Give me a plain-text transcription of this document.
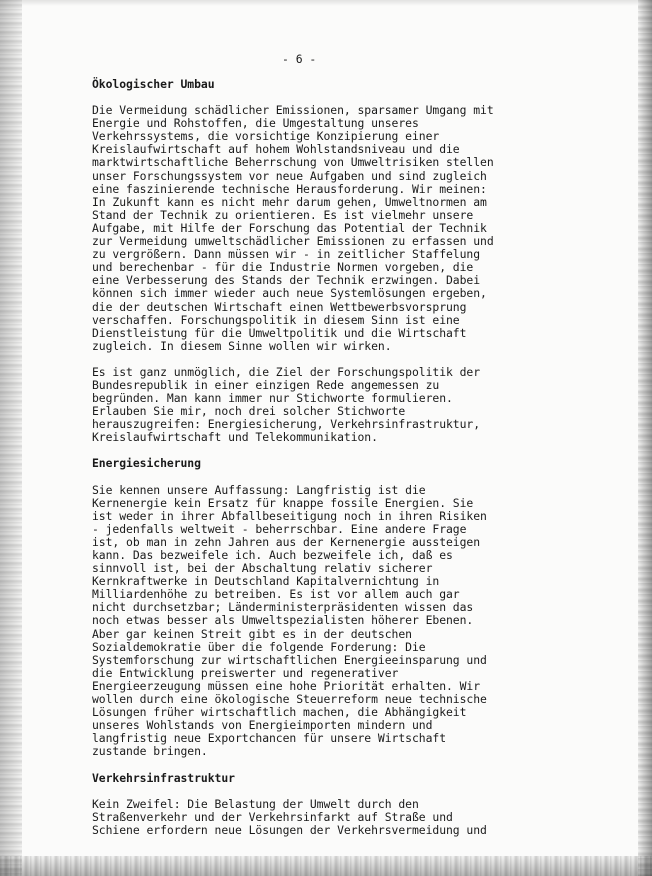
- 6 -
Ökologischer Umbau
Die Vermeidung schädlicher Emissionen, sparsamer Umgang mit
Energie und Rohstoffen, die Umgestaltung unseres
Verkehrssystems, die vorsichtige Konzipierung einer
Kreislaufwirtschaft auf hohem Wohlstandsniveau und die
marktwirtschaftliche Beherrschung von Umweltrisiken stellen
unser Forschungssystem vor neue Aufgaben und sind zugleich
eine faszinierende technische Herausforderung. Wir meinen:
In Zukunft kann es nicht mehr darum gehen, Umweltnormen am
Stand der Technik zu orientieren. Es ist vielmehr unsere
Aufgabe, mit Hilfe der Forschung das Potential der Technik
zur Vermeidung umweltschädlicher Emissionen zu erfassen und
zu vergrößern. Dann müssen wir - in zeitlicher Staffelung
und berechenbar - für die Industrie Normen vorgeben, die
eine Verbesserung des Stands der Technik erzwingen. Dabei
können sich immer wieder auch neue Systemlösungen ergeben,
die der deutschen Wirtschaft einen Wettbewerbsvorsprung
verschaffen. Forschungspolitik in diesem Sinn ist eine
Dienstleistung für die Umweltpolitik und die Wirtschaft
zugleich. In diesem Sinne wollen wir wirken.
Es ist ganz unmöglich, die Ziel der Forschungspolitik der
Bundesrepublik in einer einzigen Rede angemessen zu
begründen. Man kann immer nur Stichworte formulieren.
Erlauben Sie mir, noch drei solcher Stichworte
herauszugreifen: Energiesicherung, Verkehrsinfrastruktur,
Kreislaufwirtschaft und Telekommunikation.
Energiesicherung
Sie kennen unsere Auffassung: Langfristig ist die
Kernenergie kein Ersatz für knappe fossile Energien. Sie
ist weder in ihrer Abfallbeseitigung noch in ihren Risiken
- jedenfalls weltweit - beherrschbar. Eine andere Frage
ist, ob man in zehn Jahren aus der Kernenergie aussteigen
kann. Das bezweifele ich. Auch bezweifele ich, daß es
sinnvoll ist, bei der Abschaltung relativ sicherer
Kernkraftwerke in Deutschland Kapitalvernichtung in
Milliardenhöhe zu betreiben. Es ist vor allem auch gar
nicht durchsetzbar; Länderministerpräsidenten wissen das
noch etwas besser als Umweltspezialisten höherer Ebenen.
Aber gar keinen Streit gibt es in der deutschen
Sozialdemokratie über die folgende Forderung: Die
Systemforschung zur wirtschaftlichen Energieeinsparung und
die Entwicklung preiswerter und regenerativer
Energieerzeugung müssen eine hohe Priorität erhalten. Wir
wollen durch eine ökologische Steuerreform neue technische
Lösungen früher wirtschaftlich machen, die Abhängigkeit
unseres Wohlstands von Energieimporten mindern und
langfristig neue Exportchancen für unsere Wirtschaft
zustande bringen.
Verkehrsinfrastruktur
Kein Zweifel: Die Belastung der Umwelt durch den
Straßenverkehr und der Verkehrsinfarkt auf Straße und
Schiene erfordern neue Lösungen der Verkehrsvermeidung und
